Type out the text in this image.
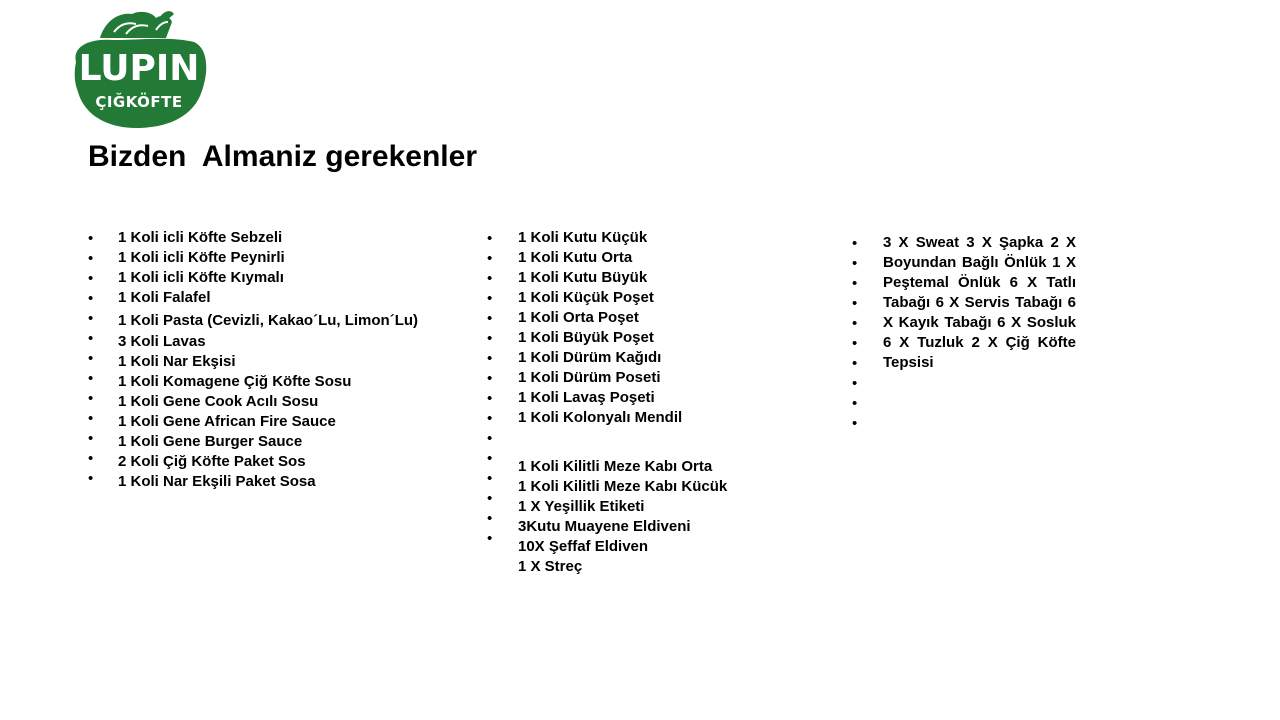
LUPIN
ÇIĞKÖFTE
Bizden  Almaniz gerekenler
•
•
•
•
•
•
•
•
•
•
•
•
•
1 Koli icli Köfte Sebzeli
1 Koli icli Köfte Peynirli
1 Koli icli Köfte Kıymalı
1 Koli Falafel
1 Koli Pasta (Cevizli, Kakao´Lu, Limon´Lu)
3 Koli Lavas
1 Koli Nar Ekşisi
1 Koli Komagene Çiğ Köfte Sosu
1 Koli Gene Cook Acılı Sosu
1 Koli Gene African Fire Sauce
1 Koli Gene Burger Sauce
2 Koli Çiğ Köfte Paket Sos
1 Koli Nar Ekşili Paket Sosa
•
•
•
•
•
•
•
•
•
•
•
•
•
•
•
•
1 Koli Kutu Küçük
1 Koli Kutu Orta
1 Koli Kutu Büyük
1 Koli Küçük Poşet
1 Koli Orta Poşet
1 Koli Büyük Poşet
1 Koli Dürüm Kağıdı
1 Koli Dürüm Poseti
1 Koli Lavaş Poşeti
1 Koli Kolonyalı Mendil
1 Koli Kilitli Meze Kabı Orta
1 Koli Kilitli Meze Kabı Kücük
1 X Yeşillik Etiketi
3Kutu Muayene Eldiveni
10X Şeffaf Eldiven
1 X Streç
•
•
•
•
•
•
•
•
•
•
3 X Sweat 3 X Şapka 2 X Boyundan Bağlı Önlük 1 X Peştemal Önlük 6 X Tatlı Tabağı 6 X Servis Tabağı 6 X Kayık Tabağı 6 X Sosluk 6 X Tuzluk 2 X Çiğ Köfte Tepsisi
